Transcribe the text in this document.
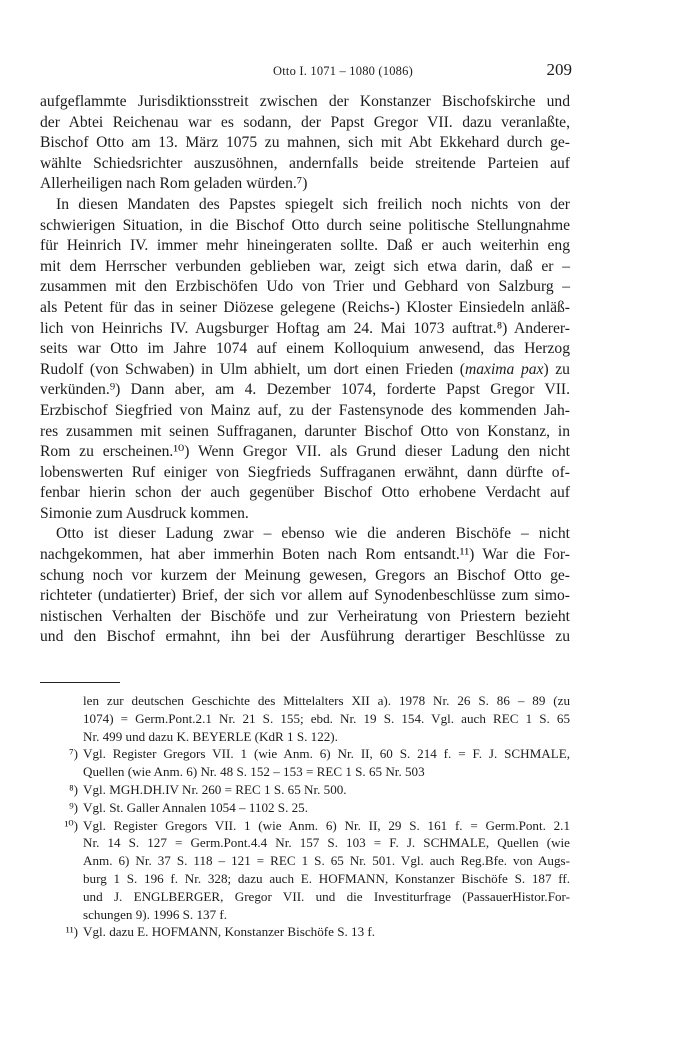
Otto I. 1071 – 1080 (1086)	209
aufgeflammte Jurisdiktionsstreit zwischen der Konstanzer Bischofskirche und
der Abtei Reichenau war es sodann, der Papst Gregor VII. dazu veranlaßte,
Bischof Otto am 13. März 1075 zu mahnen, sich mit Abt Ekkehard durch ge-
wählte Schiedsrichter auszusöhnen, andernfalls beide streitende Parteien auf
Allerheiligen nach Rom geladen würden.⁷)
In diesen Mandaten des Papstes spiegelt sich freilich noch nichts von der
schwierigen Situation, in die Bischof Otto durch seine politische Stellungnahme
für Heinrich IV. immer mehr hineingeraten sollte. Daß er auch weiterhin eng
mit dem Herrscher verbunden geblieben war, zeigt sich etwa darin, daß er –
zusammen mit den Erzbischöfen Udo von Trier und Gebhard von Salzburg –
als Petent für das in seiner Diözese gelegene (Reichs-) Kloster Einsiedeln anläß-
lich von Heinrichs IV. Augsburger Hoftag am 24. Mai 1073 auftrat.⁸) Anderer-
seits war Otto im Jahre 1074 auf einem Kolloquium anwesend, das Herzog
Rudolf (von Schwaben) in Ulm abhielt, um dort einen Frieden (maxima pax) zu
verkünden.⁹) Dann aber, am 4. Dezember 1074, forderte Papst Gregor VII.
Erzbischof Siegfried von Mainz auf, zu der Fastensynode des kommenden Jah-
res zusammen mit seinen Suffraganen, darunter Bischof Otto von Konstanz, in
Rom zu erscheinen.¹⁰) Wenn Gregor VII. als Grund dieser Ladung den nicht
lobenswerten Ruf einiger von Siegfrieds Suffraganen erwähnt, dann dürfte of-
fenbar hierin schon der auch gegenüber Bischof Otto erhobene Verdacht auf
Simonie zum Ausdruck kommen.
Otto ist dieser Ladung zwar – ebenso wie die anderen Bischöfe – nicht
nachgekommen, hat aber immerhin Boten nach Rom entsandt.¹¹) War die For-
schung noch vor kurzem der Meinung gewesen, Gregors an Bischof Otto ge-
richteter (undatierter) Brief, der sich vor allem auf Synodenbeschlüsse zum simo-
nistischen Verhalten der Bischöfe und zur Verheiratung von Priestern bezieht
und den Bischof ermahnt, ihn bei der Ausführung derartiger Beschlüsse zu
len zur deutschen Geschichte des Mittelalters XII a). 1978 Nr. 26 S. 86 – 89 (zu
1074) = Germ.Pont.2.1 Nr. 21 S. 155; ebd. Nr. 19 S. 154. Vgl. auch REC 1 S. 65
Nr. 499 und dazu K. BEYERLE (KdR 1 S. 122).
⁷) Vgl. Register Gregors VII. 1 (wie Anm. 6) Nr. II, 60 S. 214 f. = F. J. SCHMALE,
Quellen (wie Anm. 6) Nr. 48 S. 152 – 153 = REC 1 S. 65 Nr. 503
⁸) Vgl. MGH.DH.IV Nr. 260 = REC 1 S. 65 Nr. 500.
⁹) Vgl. St. Galler Annalen 1054 – 1102 S. 25.
¹⁰) Vgl. Register Gregors VII. 1 (wie Anm. 6) Nr. II, 29 S. 161 f. = Germ.Pont. 2.1
Nr. 14 S. 127 = Germ.Pont.4.4 Nr. 157 S. 103 = F. J. SCHMALE, Quellen (wie
Anm. 6) Nr. 37 S. 118 – 121 = REC 1 S. 65 Nr. 501. Vgl. auch Reg.Bfe. von Augs-
burg 1 S. 196 f. Nr. 328; dazu auch E. HOFMANN, Konstanzer Bischöfe S. 187 ff.
und J. ENGLBERGER, Gregor VII. und die Investiturfrage (PassauerHistor.For-
schungen 9). 1996 S. 137 f.
¹¹) Vgl. dazu E. HOFMANN, Konstanzer Bischöfe S. 13 f.
